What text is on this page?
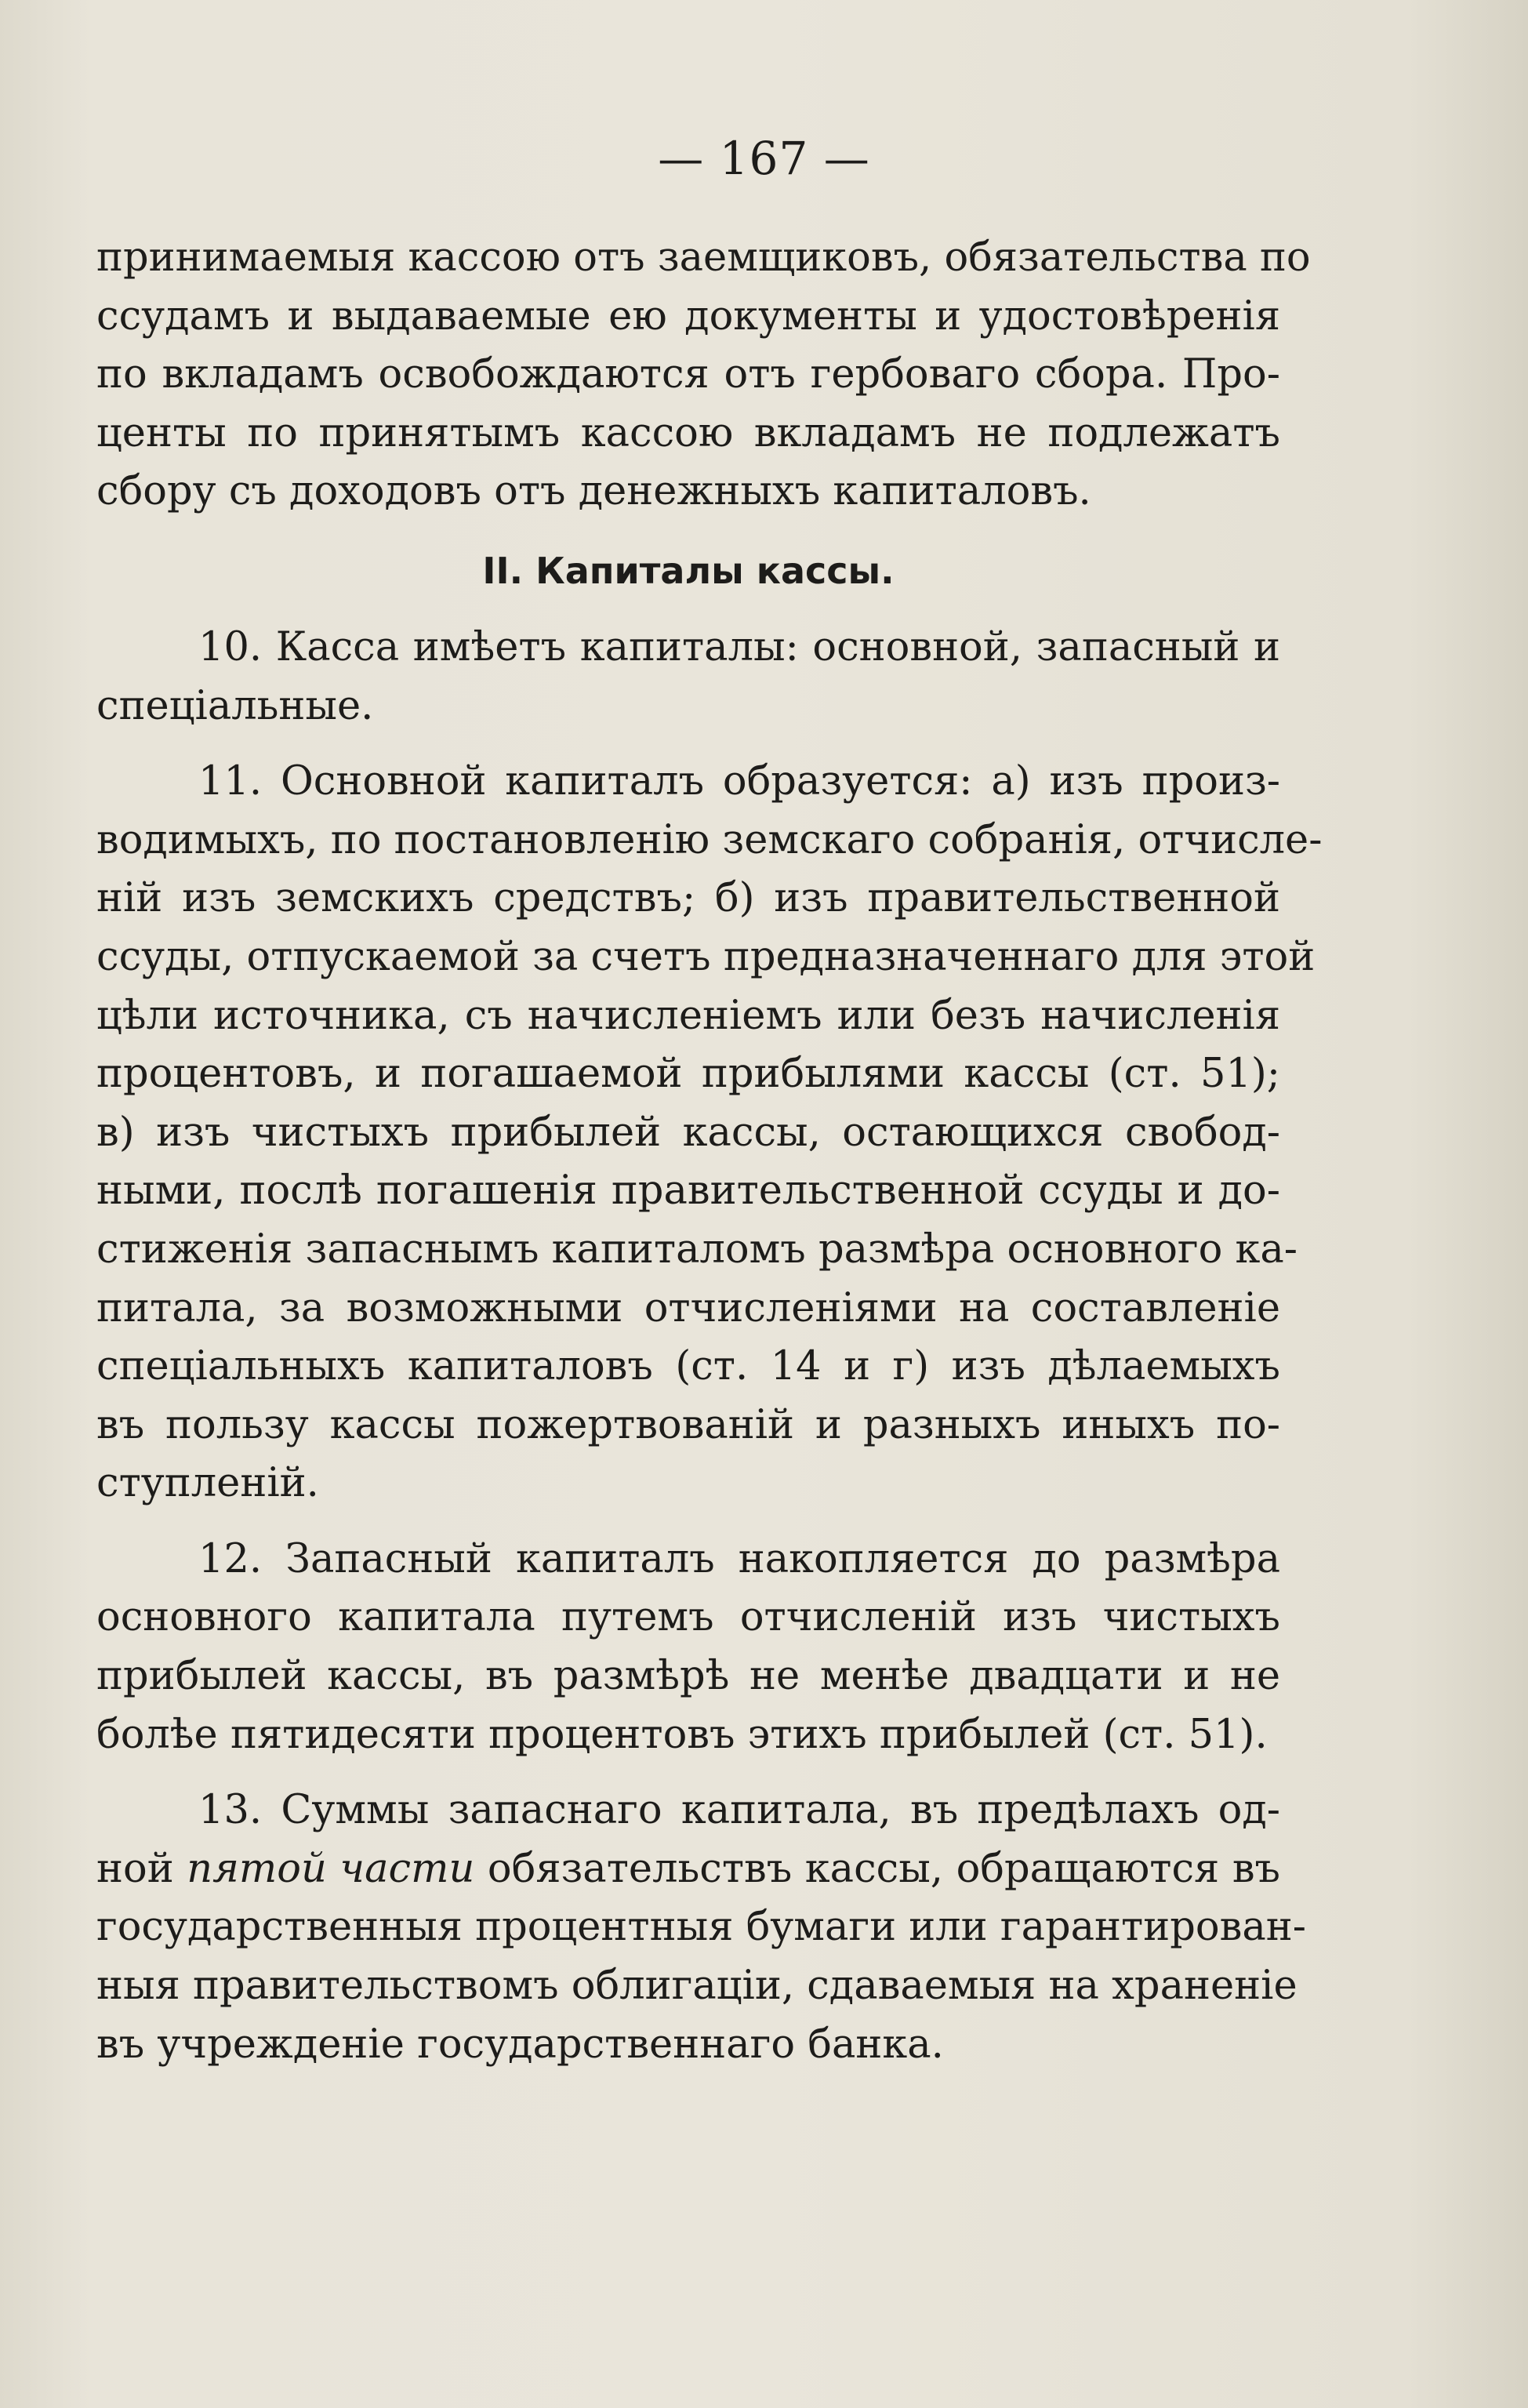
— 167 —
принимаемыя кассою отъ заемщиковъ, обязательства по
ссудамъ и выдаваемые ею документы и удостовѣренія
по вкладамъ освобождаются отъ гербоваго сбора. Про-
центы по принятымъ кассою вкладамъ не подлежатъ
сбору съ доходовъ отъ денежныхъ капиталовъ.
II. Капиталы кассы.
10. Касса имѣетъ капиталы: основной, запасный и
спеціальные.
11. Основной капиталъ образуется: а) изъ произ-
водимыхъ, по постановленію земскаго собранія, отчисле-
ній изъ земскихъ средствъ; б) изъ правительственной
ссуды, отпускаемой за счетъ предназначеннаго для этой
цѣли источника, съ начисленіемъ или безъ начисленія
процентовъ, и погашаемой прибылями кассы (ст. 51);
в) изъ чистыхъ прибылей кассы, остающихся свобод-
ными, послѣ погашенія правительственной ссуды и до-
стиженія запаснымъ капиталомъ размѣра основного ка-
питала, за возможными отчисленіями на составленіе
спеціальныхъ капиталовъ (ст. 14 и г) изъ дѣлаемыхъ
въ пользу кассы пожертвованій и разныхъ иныхъ по-
ступленій.
12. Запасный капиталъ накопляется до размѣра
основного капитала путемъ отчисленій изъ чистыхъ
прибылей кассы, въ размѣрѣ не менѣе двадцати и не
болѣе пятидесяти процентовъ этихъ прибылей (ст. 51).
13. Суммы запаснаго капитала, въ предѣлахъ од-
ной пятой части обязательствъ кассы, обращаются въ
государственныя процентныя бумаги или гарантирован-
ныя правительствомъ облигаціи, сдаваемыя на храненіе
въ учрежденіе государственнаго банка.
